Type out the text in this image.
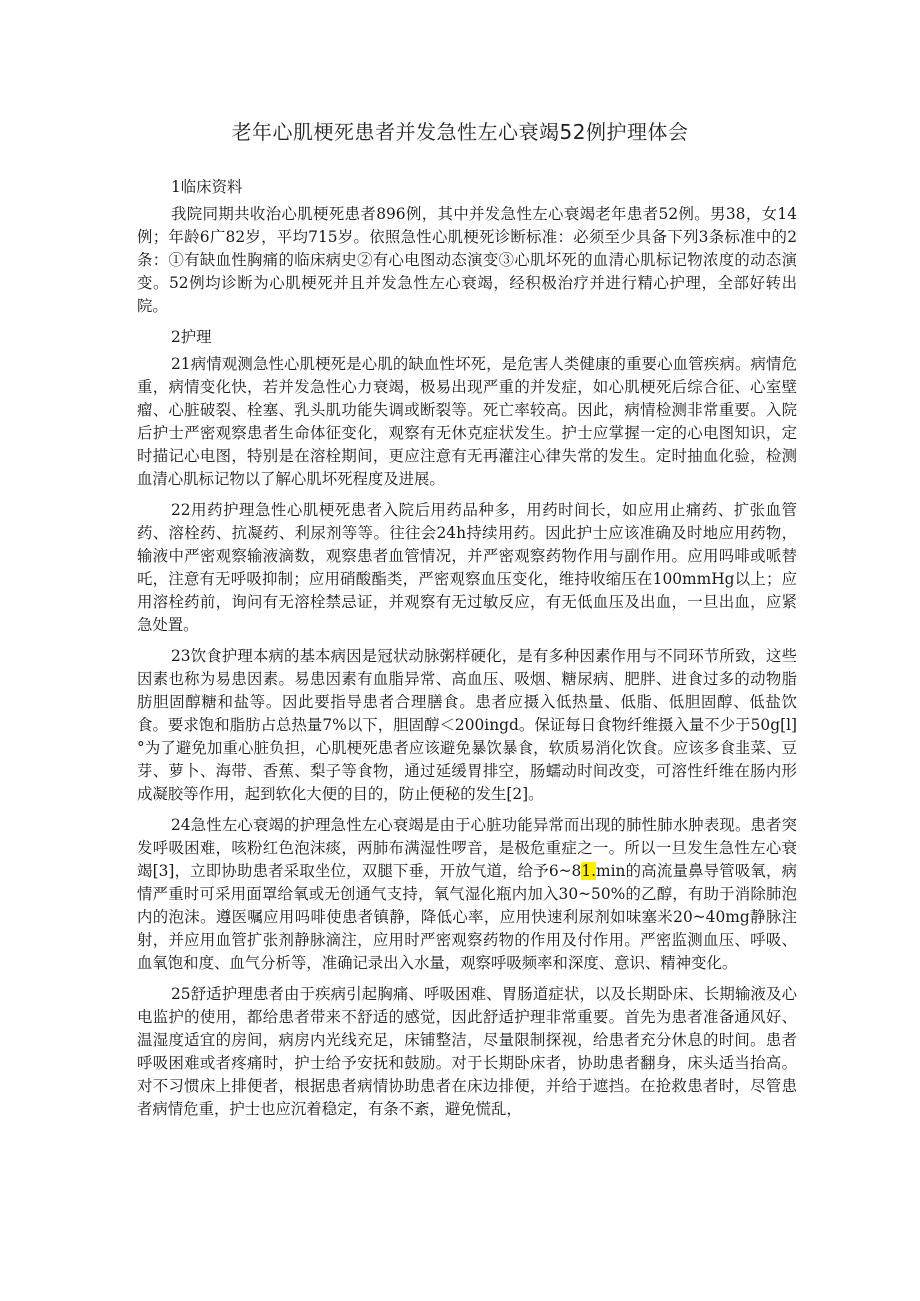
老年心肌梗死患者并发急性左心衰竭52例护理体会

1临床资料

我院同期共收治心肌梗死患者896例，其中并发急性左心衰竭老年患者52例。男38，女14例；年龄6广82岁，平均715岁。依照急性心肌梗死诊断标准：必须至少具备下列3条标准中的2条：①有缺血性胸痛的临床病史②有心电图动态演变③心肌坏死的血清心肌标记物浓度的动态演变。52例均诊断为心肌梗死并且并发急性左心衰竭，经积极治疗并进行精心护理，全部好转出院。

2护理

21病情观测急性心肌梗死是心肌的缺血性坏死，是危害人类健康的重要心血管疾病。病情危重，病情变化快，若并发急性心力衰竭，极易出现严重的并发症，如心肌梗死后综合征、心室壁瘤、心脏破裂、栓塞、乳头肌功能失调或断裂等。死亡率较高。因此，病情检测非常重要。入院后护士严密观察患者生命体征变化，观察有无休克症状发生。护士应掌握一定的心电图知识，定时描记心电图，特别是在溶栓期间，更应注意有无再灌注心律失常的发生。定时抽血化验，检测血清心肌标记物以了解心肌坏死程度及进展。

22用药护理急性心肌梗死患者入院后用药品种多，用药时间长，如应用止痛药、扩张血管药、溶栓药、抗凝药、利尿剂等等。往往会24h持续用药。因此护士应该准确及时地应用药物，输液中严密观察输液滴数，观察患者血管情况，并严密观察药物作用与副作用。应用吗啡或哌替吒，注意有无呼吸抑制；应用硝酸酯类，严密观察血压变化，维持收缩压在100mmHg以上；应用溶栓药前，询问有无溶栓禁忌证，并观察有无过敏反应，有无低血压及出血，一旦出血，应紧急处置。

23饮食护理本病的基本病因是冠状动脉粥样硬化，是有多种因素作用与不同环节所致，这些因素也称为易患因素。易患因素有血脂异常、高血压、吸烟、糖尿病、肥胖、进食过多的动物脂肪胆固醇糖和盐等。因此要指导患者合理膳食。患者应摄入低热量、低脂、低胆固醇、低盐饮食。要求饱和脂肪占总热量7%以下，胆固醇＜200ingd。保证每日食物纤维摄入量不少于50g[l]°为了避免加重心脏负担，心肌梗死患者应该避免暴饮暴食，软质易消化饮食。应该多食韭菜、豆芽、萝卜、海带、香蕉、梨子等食物，通过延缓胃排空，肠蠕动时间改变，可溶性纤维在肠内形成凝胶等作用，起到软化大便的目的，防止便秘的发生[2]。

24急性左心衰竭的护理急性左心衰竭是由于心脏功能异常而出现的肺性肺水肿表现。患者突发呼吸困难，咳粉红色泡沫痰，两肺布满湿性啰音，是极危重症之一。所以一旦发生急性左心衰竭[3]，立即协助患者采取坐位，双腿下垂，开放气道，给予6~81.min的高流量鼻导管吸氧，病情严重时可采用面罩给氧或无创通气支持，氧气湿化瓶内加入30~50%的乙醇，有助于消除肺泡内的泡沫。遵医嘱应用吗啡使患者镇静，降低心率，应用快速利尿剂如味塞米20~40mg静脉注射，并应用血管扩张剂静脉滴注，应用时严密观察药物的作用及付作用。严密监测血压、呼吸、血氧饱和度、血气分析等，准确记录出入水量，观察呼吸频率和深度、意识、精神变化。

25舒适护理患者由于疾病引起胸痛、呼吸困难、胃肠道症状，以及长期卧床、长期输液及心电监护的使用，都给患者带来不舒适的感觉，因此舒适护理非常重要。首先为患者准备通风好、温湿度适宜的房间，病房内光线充足，床铺整洁，尽量限制探视，给患者充分休息的时间。患者呼吸困难或者疼痛时，护士给予安抚和鼓励。对于长期卧床者，协助患者翻身，床头适当抬高。对不习惯床上排便者，根据患者病情协助患者在床边排便，并给于遮挡。在抢救患者时，尽管患者病情危重，护士也应沉着稳定，有条不紊，避免慌乱，
